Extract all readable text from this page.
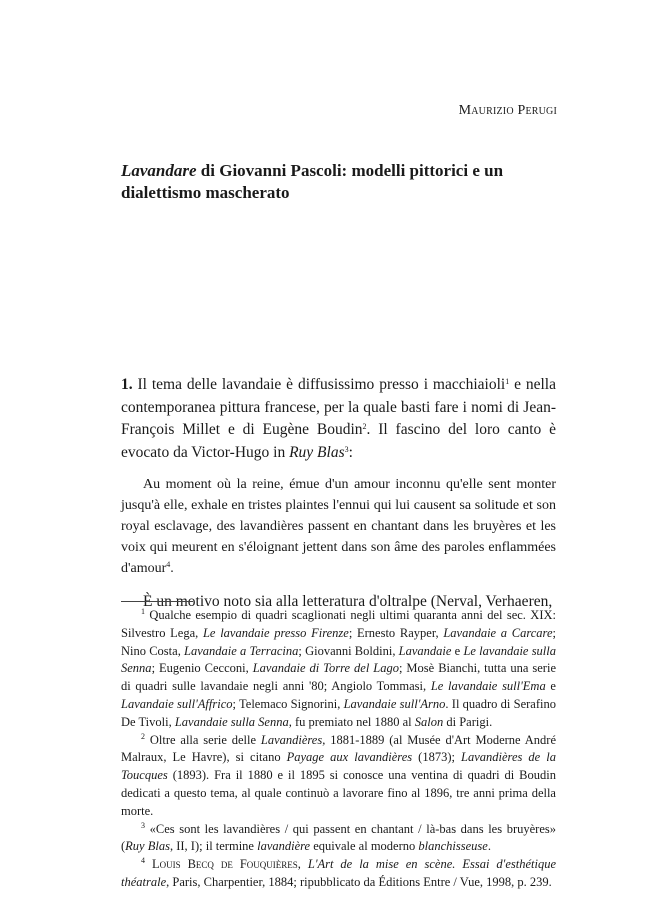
Maurizio Perugi
Lavandare di Giovanni Pascoli: modelli pittorici e un dialettismo mascherato

1. Il tema delle lavandaie è diffusissimo presso i macchiaioli$^1$ e nella contemporanea pittura francese, per la quale basti fare i nomi di Jean-François Millet e di Eugène Boudin$^2$. Il fascino del loro canto è evocato da Victor-Hugo in Ruy Blas$^3$:

Au moment où la reine, émue d'un amour inconnu qu'elle sent monter jusqu'à elle, exhale en tristes plaintes l'ennui qui lui causent sa solitude et son royal esclavage, des lavandières passent en chantant dans les bruyères et les voix qui meurent en s'éloignant jettent dans son âme des paroles enflammées d'amour$^4$.

È un motivo noto sia alla letteratura d'oltralpe (Nerval, Verhaeren,

$^1$ Qualche esempio di quadri scaglionati negli ultimi quaranta anni del sec. XIX: Silvestro Lega, Le lavandaie presso Firenze; Ernesto Rayper, Lavandaie a Carcare; Nino Costa, Lavandaie a Terracina; Giovanni Boldini, Lavandaie e Le lavandaie sulla Senna; Eugenio Cecconi, Lavandaie di Torre del Lago; Mosè Bianchi, tutta una serie di quadri sulle lavandaie negli anni '80; Angiolo Tommasi, Le lavandaie sull'Ema e Lavandaie sull'Affrico; Telemaco Signorini, Lavandaie sull'Arno. Il quadro di Serafino De Tivoli, Lavandaie sulla Senna, fu premiato nel 1880 al Salon di Parigi.

$^2$ Oltre alla serie delle Lavandières, 1881-1889 (al Musée d'Art Moderne André Malraux, Le Havre), si citano Payage aux lavandières (1873); Lavandières de la Toucques (1893). Fra il 1880 e il 1895 si conosce una ventina di quadri di Boudin dedicati a questo tema, al quale continuò a lavorare fino al 1896, tre anni prima della morte.

$^3$ «Ces sont les lavandières / qui passent en chantant / là-bas dans les bruyères» (Ruy Blas, II, I); il termine lavandière equivale al moderno blanchisseuse.

$^4$ Louis Becq de Fouquières, L'Art de la mise en scène. Essai d'esthétique théatrale, Paris, Charpentier, 1884; ripubblicato da Éditions Entre / Vue, 1998, p. 239.
